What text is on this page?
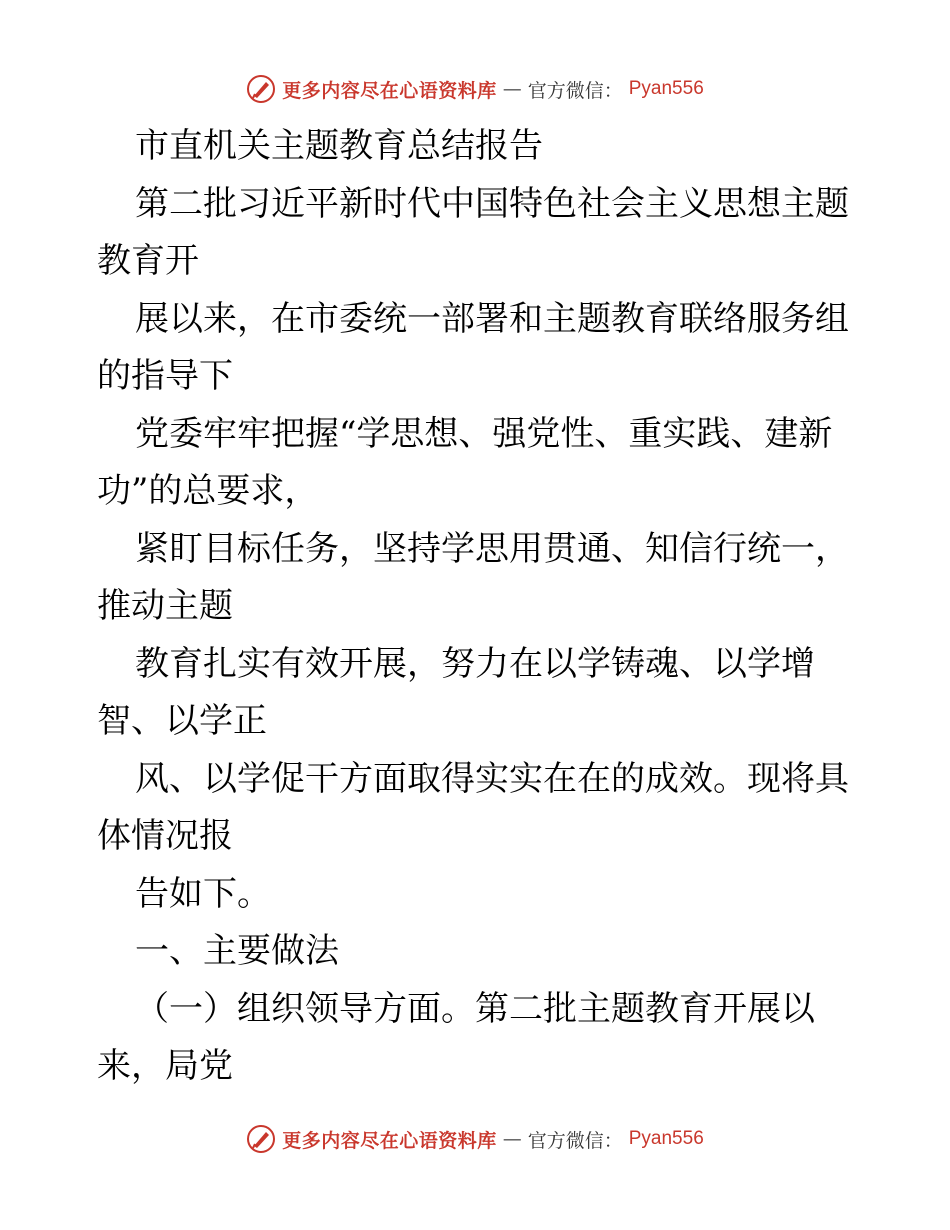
更多内容尽在心语资料库 — 官方微信： Pyan556

市直机关主题教育总结报告
第二批习近平新时代中国特色社会主义思想主题
教育开
展以来，在市委统一部署和主题教育联络服务组
的指导下
党委牢牢把握“学思想、强党性、重实践、建新
功”的总要求，
紧盯目标任务，坚持学思用贯通、知信行统一，
推动主题
教育扎实有效开展，努力在以学铸魂、以学增
智、以学正
风、以学促干方面取得实实在在的成效。现将具
体情况报
告如下。
一、主要做法
（一）组织领导方面。第二批主题教育开展以
来，局党

更多内容尽在心语资料库 — 官方微信： Pyan556
